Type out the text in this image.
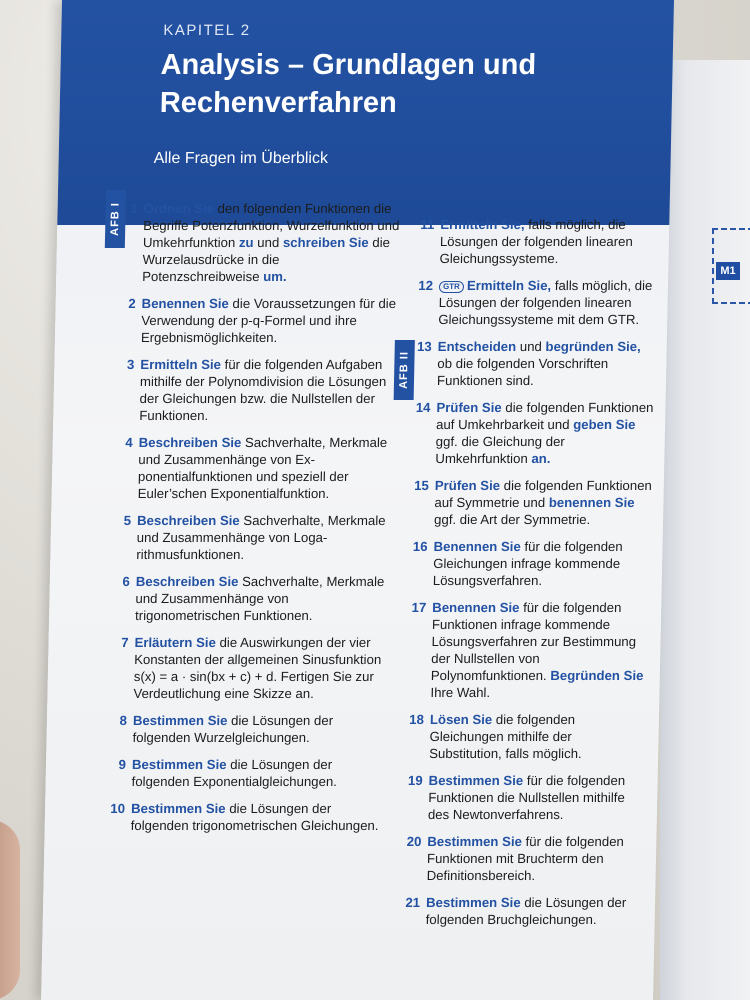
M1
KAPITEL 2
Analysis – Grundlagen und
Rechenverfahren
Alle Fragen im Überblick
AFB I
AFB II
1 Ordnen Sie den folgenden Funktionen die Begriffe Potenzfunktion, Wurzelfunktion und Umkehrfunktion zu und schreiben Sie die Wurzelausdrücke in die Potenzschreibweise um.
2 Benennen Sie die Voraussetzungen für die Verwendung der p-q-Formel und ihre Ergebnismöglichkeiten.
3 Ermitteln Sie für die folgenden Aufgaben mithilfe der Polynomdivision die Lösungen der Gleichungen bzw. die Nullstellen der Funktionen.
4 Beschreiben Sie Sachverhalte, Merkmale und Zusammenhänge von Exponentialfunktionen und speziell der Euler’schen Exponentialfunktion.
5 Beschreiben Sie Sachverhalte, Merkmale und Zusammenhänge von Logarithmusfunktionen.
6 Beschreiben Sie Sachverhalte, Merkmale und Zusammenhänge von trigonometrischen Funktionen.
7 Erläutern Sie die Auswirkungen der vier Konstanten der allgemeinen Sinusfunktion s(x) = a · sin(bx + c) + d. Fertigen Sie zur Verdeutlichung eine Skizze an.
8 Bestimmen Sie die Lösungen der folgenden Wurzelgleichungen.
9 Bestimmen Sie die Lösungen der folgenden Exponentialgleichungen.
10 Bestimmen Sie die Lösungen der folgenden trigonometrischen Gleichungen.
11 Ermitteln Sie, falls möglich, die Lösungen der folgenden linearen Gleichungssysteme.
12	GTR Ermitteln Sie, falls möglich, die Lösungen der folgenden linearen Gleichungssysteme mit dem GTR.
13 Entscheiden und begründen Sie, ob die folgenden Vorschriften Funktionen sind.
14 Prüfen Sie die folgenden Funktionen auf Umkehrbarkeit und geben Sie ggf. die Gleichung der Umkehrfunktion an.
15 Prüfen Sie die folgenden Funktionen auf Symmetrie und benennen Sie ggf. die Art der Symmetrie.
16 Benennen Sie für die folgenden Gleichungen infrage kommende Lösungsverfahren.
17 Benennen Sie für die folgenden Funktionen infrage kommende Lösungsverfahren zur Bestimmung der Nullstellen von Polynomfunktionen. Begründen Sie Ihre Wahl.
18 Lösen Sie die folgenden Gleichungen mithilfe der Substitution, falls möglich.
19 Bestimmen Sie für die folgenden Funktionen die Nullstellen mithilfe des Newtonverfahrens.
20 Bestimmen Sie für die folgenden Funktionen mit Bruchterm den Definitionsbereich.
21 Bestimmen Sie die Lösungen der folgenden Bruchgleichungen.
